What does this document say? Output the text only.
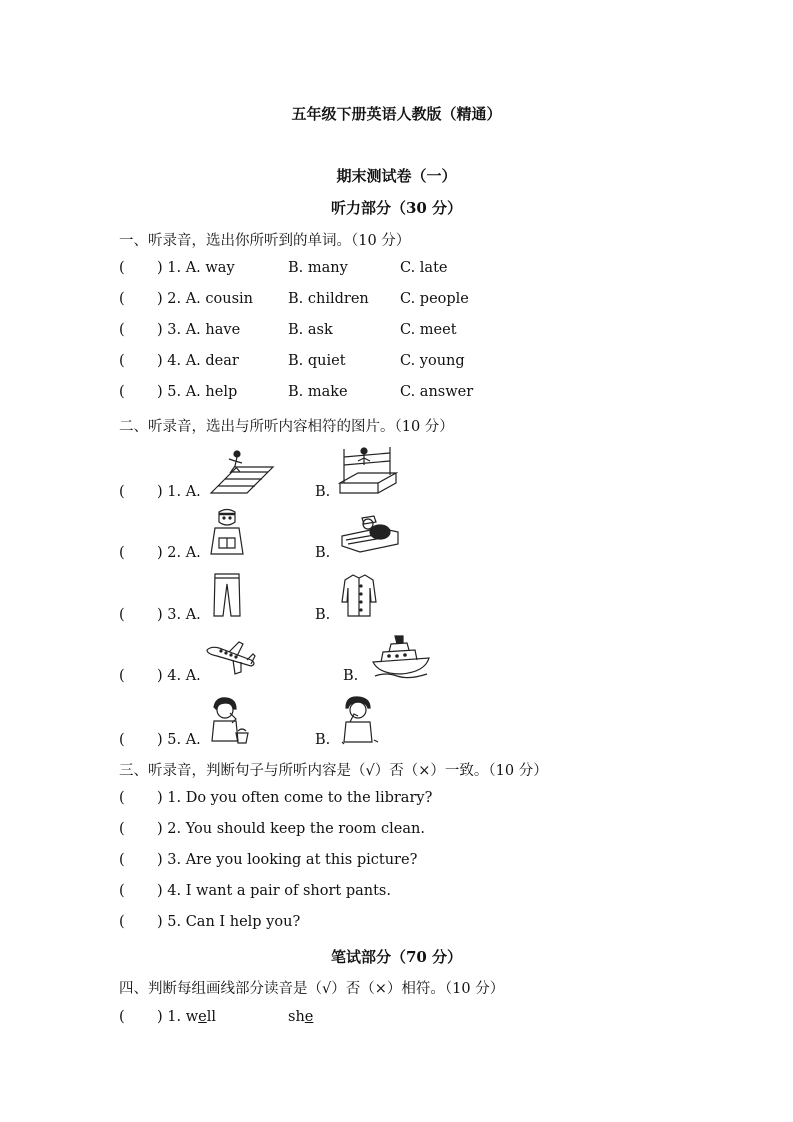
五年级下册英语人教版（精通）
期末测试卷（一）
听力部分（30 分）
一、听录音，选出你所听到的单词。（10 分）
( ) 1. A. way	B. many	C. late
( ) 2. A. cousin B. children C. people
( ) 3. A. have	B. ask	C. meet
( ) 4. A. dear	B. quiet	C. young
( ) 5. A. help	B. make	C. answer
二、听录音，选出与所听内容相符的图片。（10 分）
( ) 1. A.	B.
( ) 2. A.	B.
( ) 3. A.	B.
( ) 4. A.	B.
( ) 5. A.	B.
三、听录音，判断句子与所听内容是（√）否（×）一致。（10 分）
( ) 1. Do you often come to the library?
( ) 2. You should keep the room clean.
( ) 3. Are you looking at this picture?
( ) 4. I want a pair of short pants.
( ) 5. Can I help you?
笔试部分（70 分）
四、判断每组画线部分读音是（√）否（×）相符。（10 分）
( ) 1. well	she
